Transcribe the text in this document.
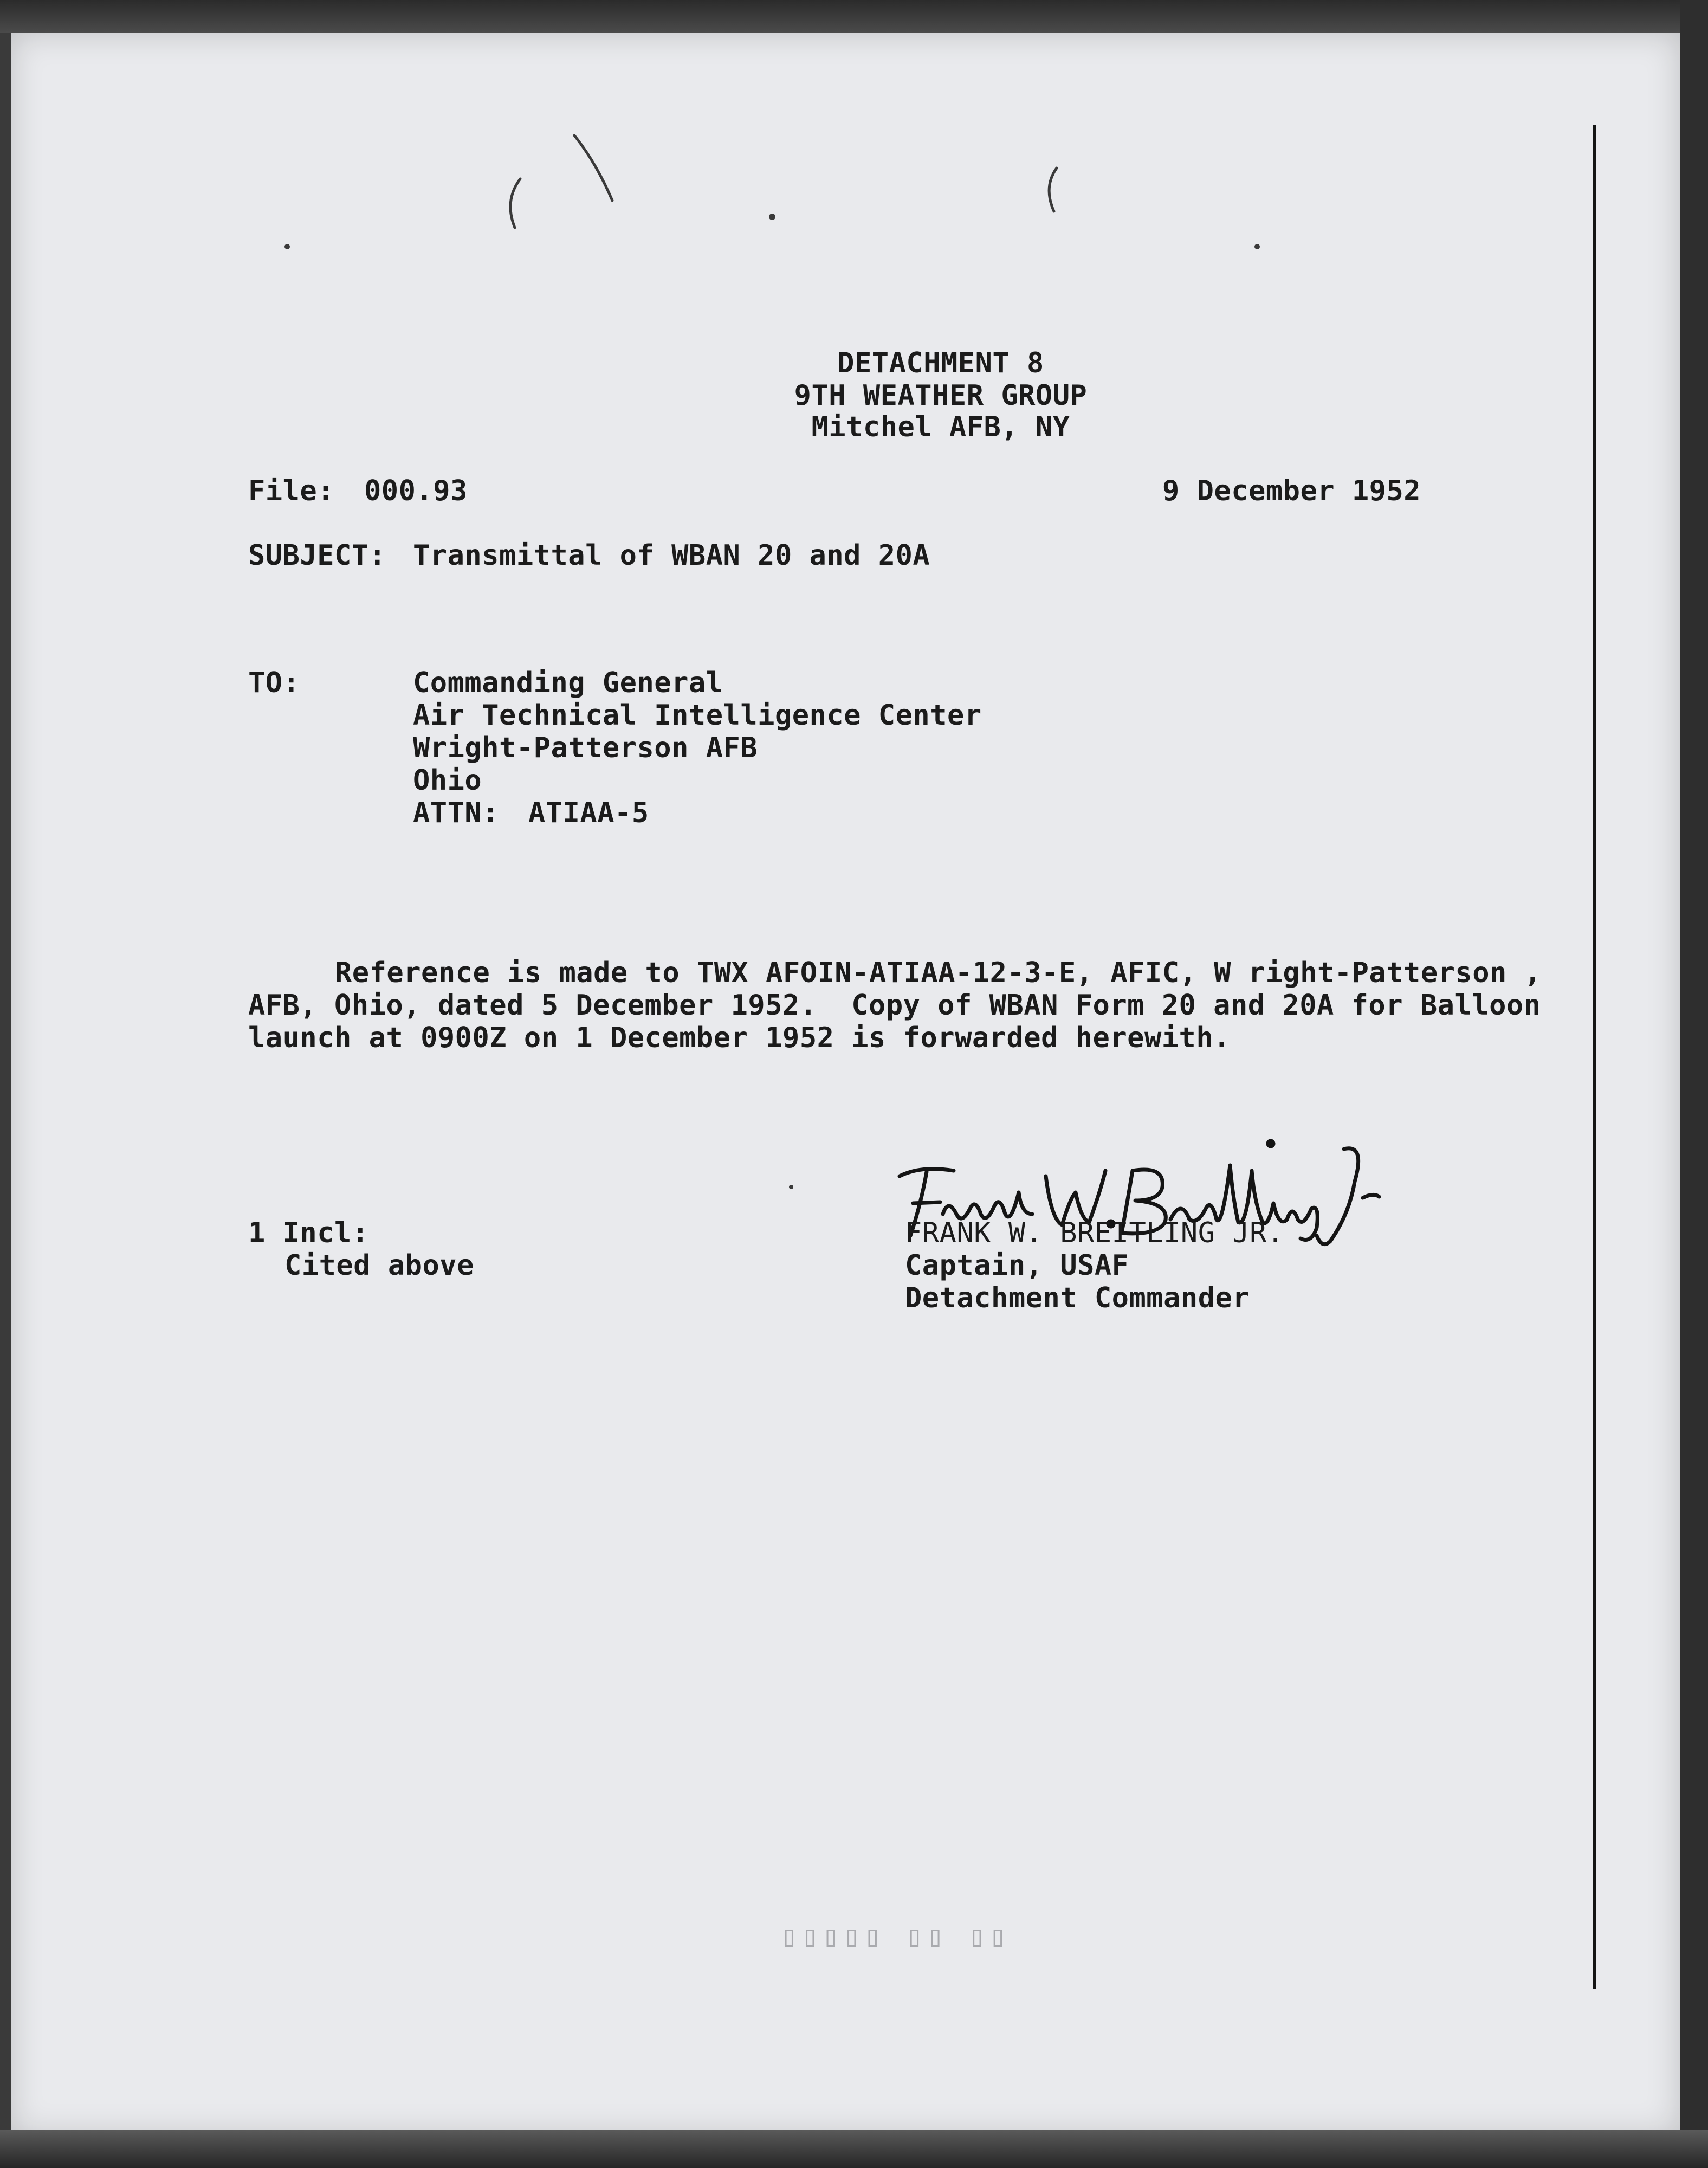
DETACHMENT 8
9TH WEATHER GROUP
Mitchel AFB, NY
File: 000.93	9 December 1952
SUBJECT: Transmittal of WBAN 20 and 20A
TO:	Commanding General
Air Technical Intelligence Center
Wright-Patterson AFB
Ohio
ATTN: ATIAA-5
Reference is made to TWX AFOIN-ATIAA-12-3-E, AFIC, W right-Patterson ,
AFB, Ohio, dated 5 December 1952.  Copy of WBAN Form 20 and 20A for Balloon
launch at 0900Z on 1 December 1952 is forwarded herewith.
1 Incl:
Cited above
FRANK W. BREITLING JR.
Captain, USAF
Detachment Commander
▯▯▯▯▯ ▯▯ ▯▯
